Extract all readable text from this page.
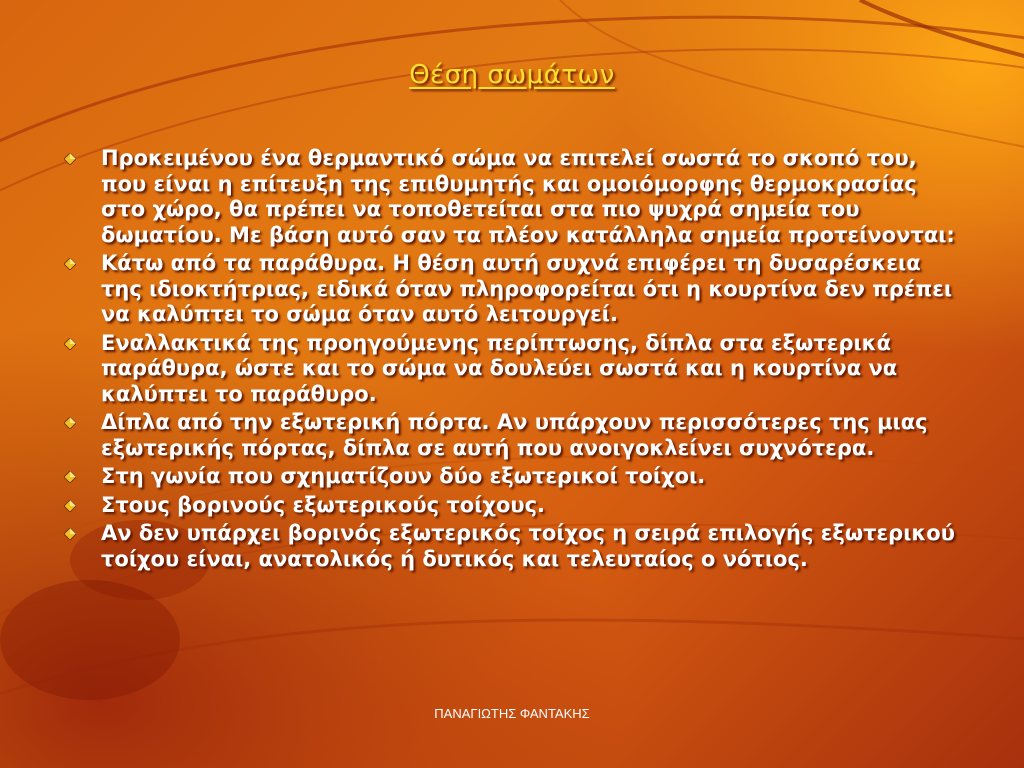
Θέση σωμάτων
Προκειμένου ένα θερμαντικό σώμα να επιτελεί σωστά το σκοπό του, που είναι η επίτευξη της επιθυμητής και ομοιόμορφης θερμοκρασίας στο χώρο, θα πρέπει να τοποθετείται στα πιο ψυχρά σημεία του δωματίου. Με βάση αυτό σαν τα πλέον κατάλληλα σημεία προτείνονται:
Κάτω από τα παράθυρα. Η θέση αυτή συχνά επιφέρει τη δυσαρέσκεια της ιδιοκτήτριας, ειδικά όταν πληροφορείται ότι η κουρτίνα δεν πρέπει να καλύπτει το σώμα όταν αυτό λειτουργεί.
Εναλλακτικά της προηγούμενης περίπτωσης, δίπλα στα εξωτερικά παράθυρα, ώστε και το σώμα να δουλεύει σωστά και η κουρτίνα να καλύπτει το παράθυρο.
Δίπλα από την εξωτερική πόρτα. Αν υπάρχουν περισσότερες της μιας εξωτερικής πόρτας, δίπλα σε αυτή που ανοιγοκλείνει συχνότερα.
Στη γωνία που σχηματίζουν δύο εξωτερικοί τοίχοι.
Στους βορινούς εξωτερικούς τοίχους.
Αν δεν υπάρχει βορινός εξωτερικός τοίχος η σειρά επιλογής εξωτερικού τοίχου είναι, ανατολικός ή δυτικός και τελευταίος ο νότιος.
ΠΑΝΑΓΙΩΤΗΣ ΦΑΝΤΑΚΗΣ
